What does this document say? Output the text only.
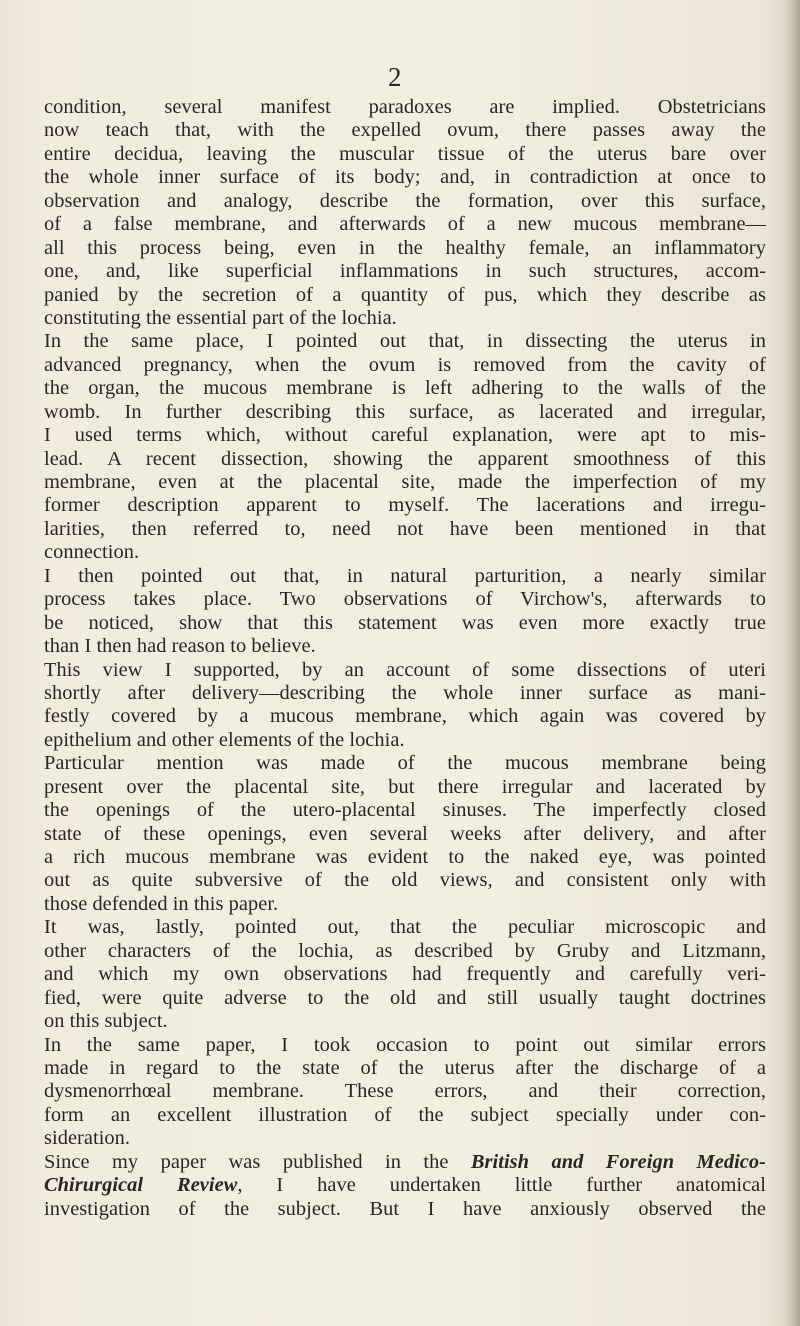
2
condition, several manifest paradoxes are implied. Obstetricians
now teach that, with the expelled ovum, there passes away the
entire decidua, leaving the muscular tissue of the uterus bare over
the whole inner surface of its body; and, in contradiction at once to
observation and analogy, describe the formation, over this surface,
of a false membrane, and afterwards of a new mucous membrane—
all this process being, even in the healthy female, an inflammatory
one, and, like superficial inflammations in such structures, accom-
panied by the secretion of a quantity of pus, which they describe as
constituting the essential part of the lochia.
In the same place, I pointed out that, in dissecting the uterus in
advanced pregnancy, when the ovum is removed from the cavity of
the organ, the mucous membrane is left adhering to the walls of the
womb. In further describing this surface, as lacerated and irregular,
I used terms which, without careful explanation, were apt to mis-
lead. A recent dissection, showing the apparent smoothness of this
membrane, even at the placental site, made the imperfection of my
former description apparent to myself. The lacerations and irregu-
larities, then referred to, need not have been mentioned in that
connection.
I then pointed out that, in natural parturition, a nearly similar
process takes place. Two observations of Virchow's, afterwards to
be noticed, show that this statement was even more exactly true
than I then had reason to believe.
This view I supported, by an account of some dissections of uteri
shortly after delivery—describing the whole inner surface as mani-
festly covered by a mucous membrane, which again was covered by
epithelium and other elements of the lochia.
Particular mention was made of the mucous membrane being
present over the placental site, but there irregular and lacerated by
the openings of the utero-placental sinuses. The imperfectly closed
state of these openings, even several weeks after delivery, and after
a rich mucous membrane was evident to the naked eye, was pointed
out as quite subversive of the old views, and consistent only with
those defended in this paper.
It was, lastly, pointed out, that the peculiar microscopic and
other characters of the lochia, as described by Gruby and Litzmann,
and which my own observations had frequently and carefully veri-
fied, were quite adverse to the old and still usually taught doctrines
on this subject.
In the same paper, I took occasion to point out similar errors
made in regard to the state of the uterus after the discharge of a
dysmenorrhœal membrane. These errors, and their correction,
form an excellent illustration of the subject specially under con-
sideration.
Since my paper was published in the British and Foreign Medico-
Chirurgical Review, I have undertaken little further anatomical
investigation of the subject. But I have anxiously observed the
